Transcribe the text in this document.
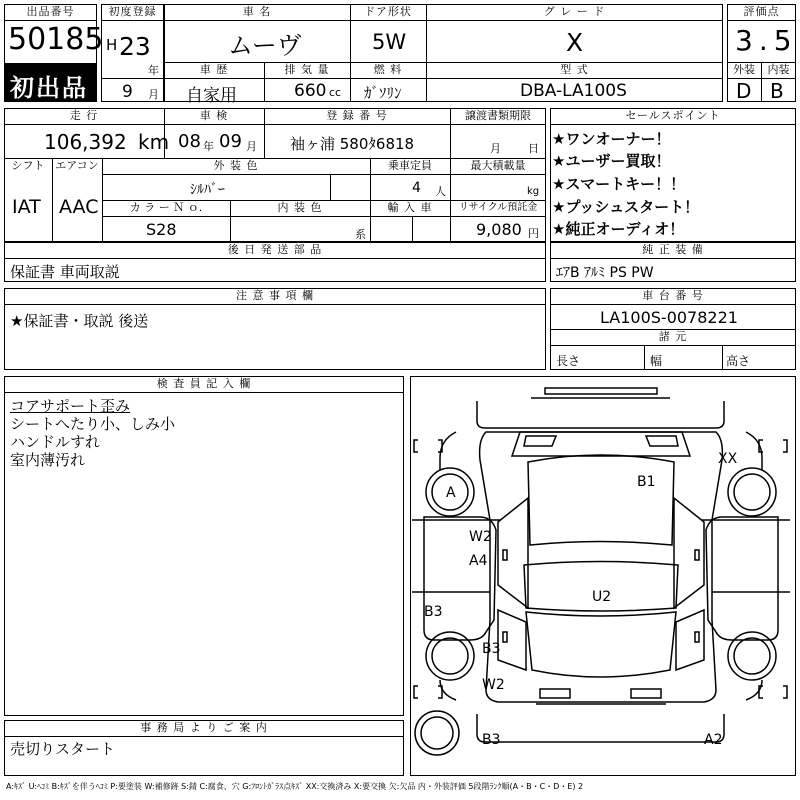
出品番号
50185
初出品
初度登録
H 23
年
9 月
車 名
ムーヴ
ドア形状
5W
グ レ ー ド
X
車 歴
自家用
排 気 量
660 cc
燃 料
ｶﾞｿﾘﾝ
型 式
DBA-LA100S
評価点
3.5
外装	内装
D B
走 行
106,392 km
車 検
08 年 09 月
登 録 番 号
袖ヶ浦 580ﾀ6818
譲渡書類期限
月 日
シフト
IAT
エアコン
AAC
外 装 色
ｼﾙﾊﾞｰ
乗車定員
4 人
最大積載量
kg
カ ラ ー Ｎ ｏ.
S28
内 装 色
系
輸 入 車	リサイクル預託金
9,080 円
セールスポイント
★ワンオーナー！
★ユーザー買取！
★スマートキー！！
★プッシュスタート！
★純正オーディオ！
後 日 発 送 部 品
保証書 車両取説
純 正 装 備
ｴｱB ｱﾙﾐ PS PW
注 意 事 項 欄
★保証書・取説 後送
車 台 番 号
LA100S-0078221
諸 元
長さ	幅	高さ
検 査 員 記 入 欄
コアサポート歪み
シートへたり小、しみ小
ハンドルすれ
室内薄汚れ
事 務 局 よ り ご 案 内
売切りスタート
B1
XX
A
W2
A4
U2
B3
B3
W2
B3	A2
A:ｷｽﾞ U:ﾍｺﾐ B:ｷｽﾞを伴うﾍｺﾐ P:要塗装 W:補修跡 S:錆 C:腐食、穴 G:ﾌﾛﾝﾄｶﾞﾗｽ点ｷｽﾞ XX:交換済み X:要交換 欠:欠品 内・外装評価 5段階ﾗﾝｸ順(A・B・C・D・E) 2
